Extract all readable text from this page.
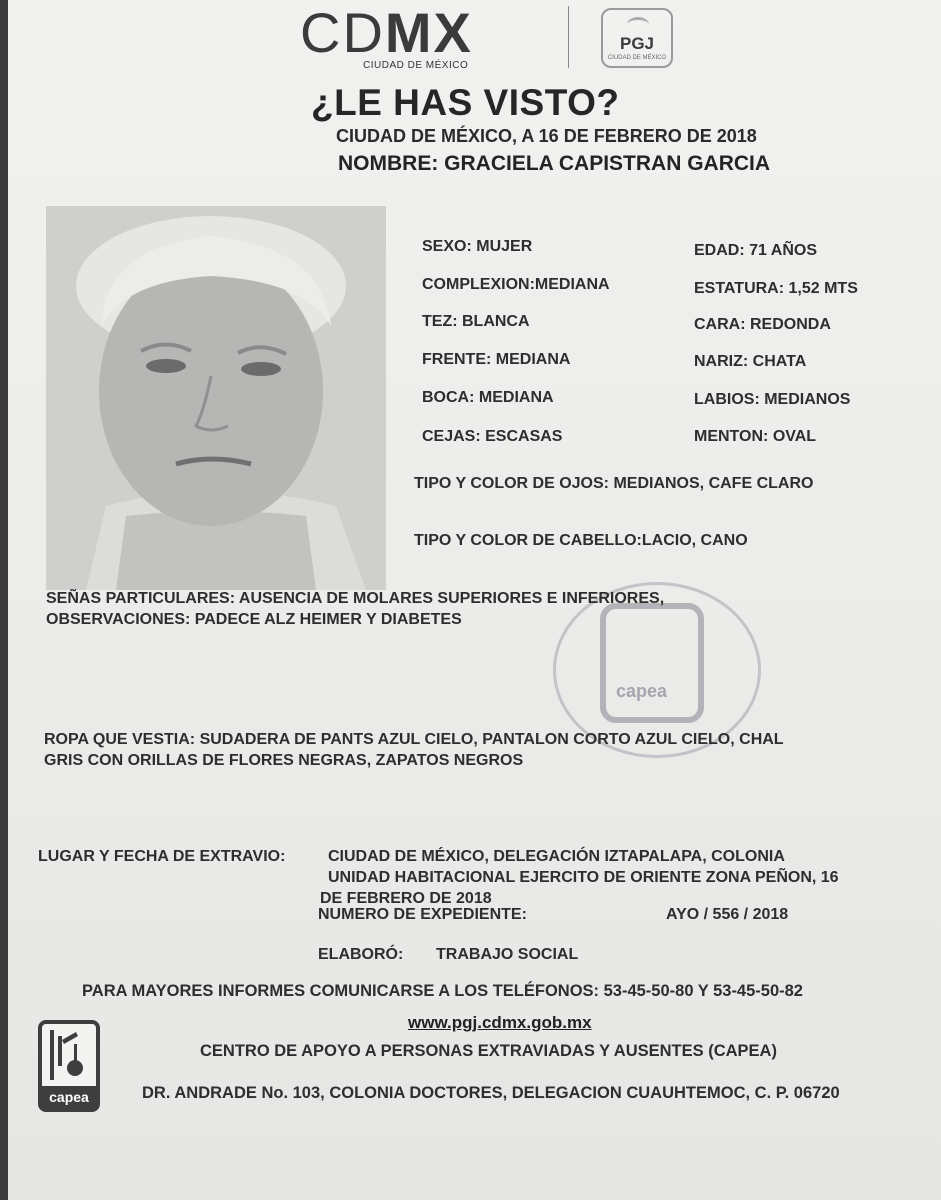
CDMX
CIUDAD DE MÉXICO
PGJ
CIUDAD DE MÉXICO
¿LE HAS VISTO?
CIUDAD DE MÉXICO, A 16 DE FEBRERO DE 2018
NOMBRE: GRACIELA CAPISTRAN GARCIA
SEXO: MUJER	EDAD: 71 AÑOS
COMPLEXION:MEDIANA	ESTATURA: 1,52 MTS
TEZ: BLANCA	CARA: REDONDA
FRENTE: MEDIANA	NARIZ: CHATA
BOCA: MEDIANA	LABIOS: MEDIANOS
CEJAS: ESCASAS	MENTON: OVAL
TIPO Y COLOR DE OJOS: MEDIANOS, CAFE CLARO
TIPO Y COLOR DE CABELLO:LACIO, CANO
capea
SEÑAS PARTICULARES: AUSENCIA DE MOLARES SUPERIORES E INFERIORES,
OBSERVACIONES: PADECE ALZ HEIMER Y DIABETES
ROPA QUE VESTIA: SUDADERA DE PANTS AZUL CIELO, PANTALON CORTO AZUL CIELO, CHAL
GRIS CON ORILLAS DE FLORES NEGRAS, ZAPATOS NEGROS
LUGAR Y FECHA DE EXTRAVIO:	CIUDAD DE MÉXICO, DELEGACIÓN IZTAPALAPA, COLONIA
UNIDAD HABITACIONAL EJERCITO DE ORIENTE ZONA PEÑON, 16
DE FEBRERO DE 2018
NUMERO DE EXPEDIENTE:	AYO / 556 / 2018
ELABORÓ: TRABAJO SOCIAL
PARA MAYORES INFORMES COMUNICARSE A LOS TELÉFONOS: 53-45-50-80 Y 53-45-50-82
www.pgj.cdmx.gob.mx
CENTRO DE APOYO A PERSONAS EXTRAVIADAS Y AUSENTES (CAPEA)
DR. ANDRADE No. 103, COLONIA DOCTORES, DELEGACION CUAUHTEMOC, C. P. 06720
capea
